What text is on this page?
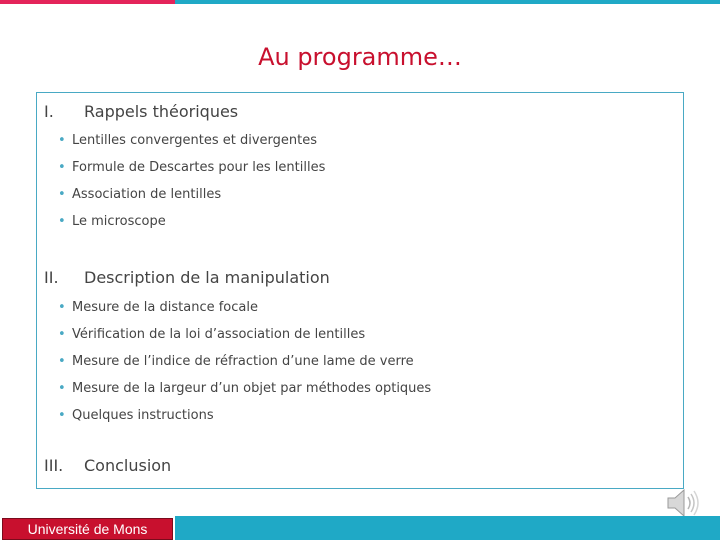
Au programme…
I. Rappels théoriques
• Lentilles convergentes et divergentes
• Formule de Descartes pour les lentilles
• Association de lentilles
• Le microscope
II. Description de la manipulation
• Mesure de la distance focale
• Vérification de la loi d’association de lentilles
• Mesure de l’indice de réfraction d’une lame de verre
• Mesure de la largeur d’un objet par méthodes optiques
• Quelques instructions
III. Conclusion
Université de Mons
